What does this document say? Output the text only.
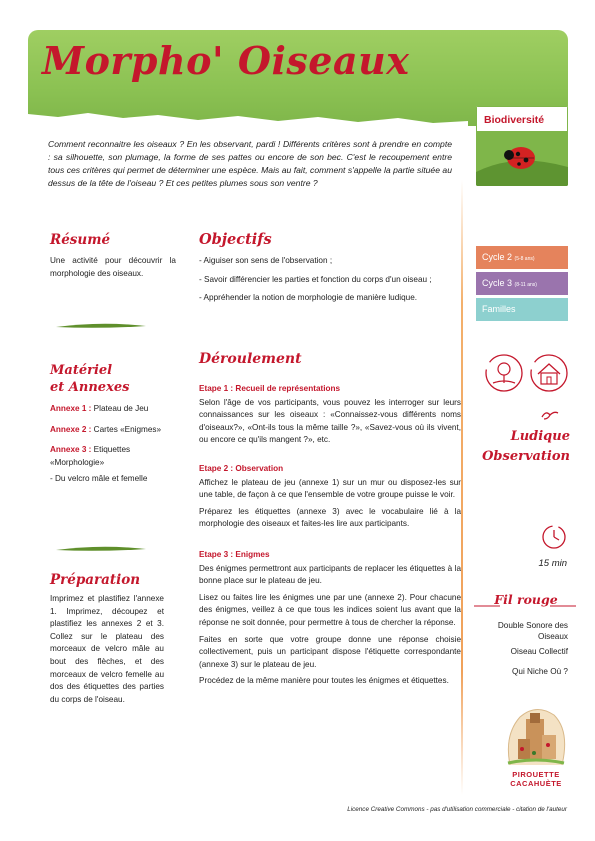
Morpho' Oiseaux

Comment reconnaitre les oiseaux ? En les observant, pardi ! Différents critères sont à prendre en compte : sa silhouette, son plumage, la forme de ses pattes ou encore de son bec. C'est le recoupement entre tous ces critères qui permet de déterminer une espèce. Mais au fait, comment s'appelle la partie située au dessus de la tête de l'oiseau ? Et ces petites plumes sous son ventre ?

Résumé

Une activité pour découvrir la morphologie des oiseaux.

Matériel
et Annexes
Annexe 1 : Plateau de Jeu
Annexe 2 : Cartes «Enigmes»
Annexe 3 : Etiquettes «Morphologie»
- Du velcro mâle et femelle
Préparation

Imprimez et plastifiez l'annexe 1. Imprimez, découpez et plastifiez les annexes 2 et 3. Collez sur le plateau des morceaux de velcro mâle au bout des flèches, et des morceaux de velcro femelle au dos des étiquettes des parties du corps de l'oiseau.

Objectifs
- Aiguiser son sens de l'observation ;
- Savoir différencier les parties et fonction du corps d'un oiseau ;
- Appréhender la notion de morphologie de manière ludique.
Déroulement
Etape 1 : Recueil de représentations

Selon l'âge de vos participants, vous pouvez les interroger sur leurs connaissances sur les oiseaux : «Connaissez-vous différents noms d'oiseaux?», «Ont-ils tous la même taille ?», «Savez-vous où ils vivent, ou encore ce qu'ils mangent ?», etc.

Etape 2 : Observation

Affichez le plateau de jeu (annexe 1) sur un mur ou disposez-les sur une table, de façon à ce que l'ensemble de votre groupe puisse le voir.

Préparez les étiquettes (annexe 3) avec le vocabulaire lié à la morphologie des oiseaux et faites-les lire aux participants.

Etape 3 : Enigmes

Des énigmes permettront aux participants de replacer les étiquettes à la bonne place sur le plateau de jeu.

Lisez ou faites lire les énigmes une par une (annexe 2). Pour chacune des énigmes, veillez à ce que tous les indices soient lus avant que la réponse ne soit donnée, pour permettre à tous de chercher la réponse.

Faites en sorte que votre groupe donne une réponse choisie collectivement, puis un participant dispose l'étiquette correspondante (annexe 3) sur le plateau de jeu.

Procédez de la même manière pour toutes les énigmes et étiquettes.

Biodiversité
Cycle 2 (5-8 ans)
Cycle 3 (8-11 ans)
Familles
Ludique
Observation
15 min
Fil rouge
Double Sonore des Oiseaux
Oiseau Collectif
Qui Niche Où ?
PIROUETTE
CACAHUÈTE
Licence Creative Commons - pas d'utilisation commerciale - citation de l'auteur
